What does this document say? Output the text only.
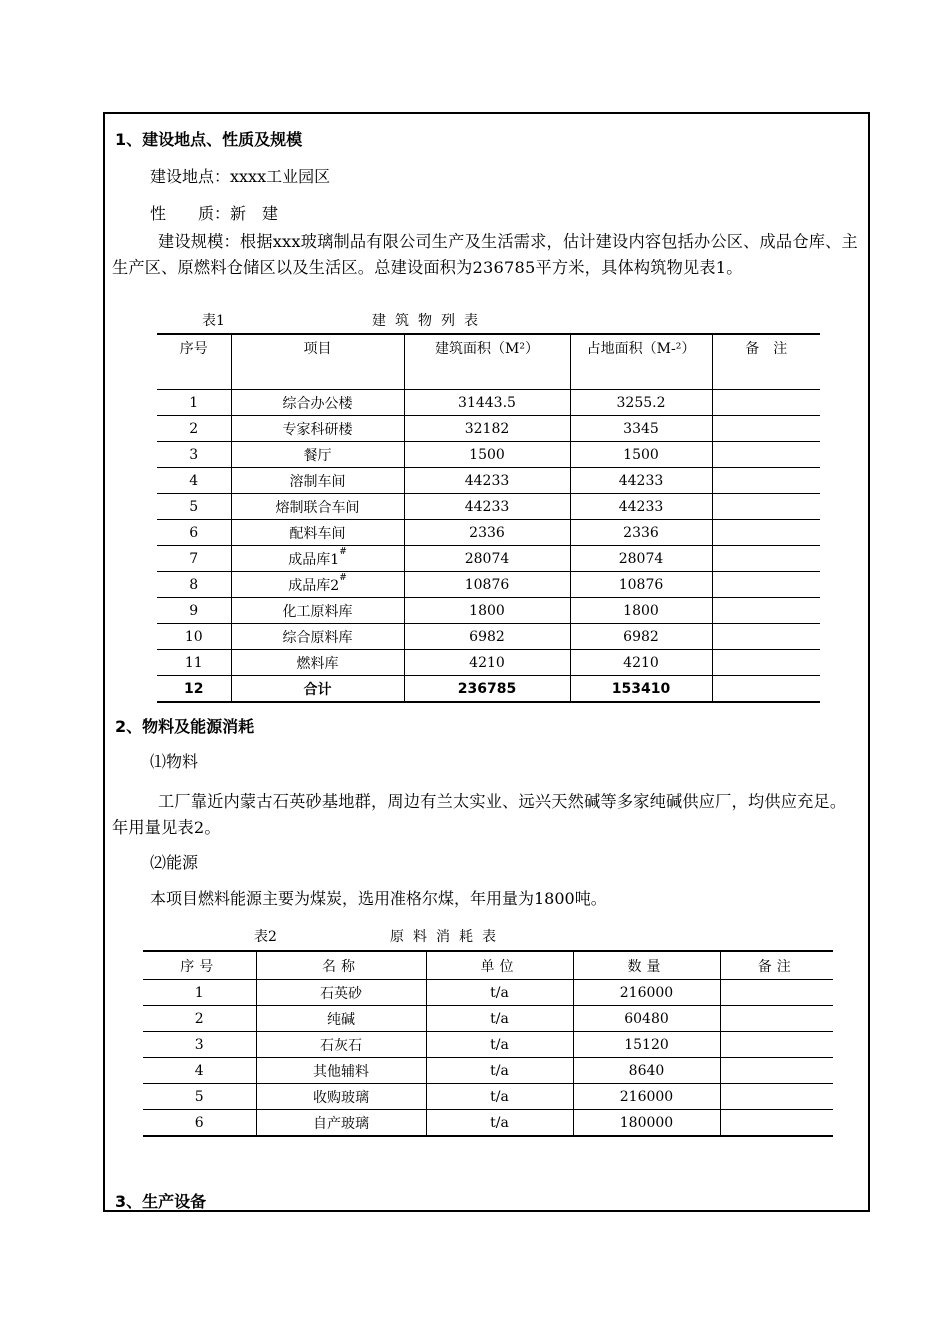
1、建设地点、性质及规模
建设地点：xxxx工业园区
性　　质：新　建
建设规模：根据xxx玻璃制品有限公司生产及生活需求，估计建设内容包括办公区、成品仓库、主生产区、原燃料仓储区以及生活区。总建设面积为236785平方米，具体构筑物见表1。
表1	建筑物列表
序号	项目	建筑面积（M²）	占地面积（M-²）	备　注
1	综合办公楼	31443.5	3255.2	
2	专家科研楼	32182	3345	
3	餐厅	1500	1500	
4	溶制车间	44233	44233	
5	熔制联合车间	44233	44233	
6	配料车间	2336	2336	
7	成品库1#	28074	28074	
8	成品库2#	10876	10876	
9	化工原料库	1800	1800	
10	综合原料库	6982	6982	
11	燃料库	4210	4210	
12	合计	236785	153410	
2、物料及能源消耗
⑴物料
工厂靠近内蒙古石英砂基地群，周边有兰太实业、远兴天然碱等多家纯碱供应厂，均供应充足。年用量见表2。
⑵能源
本项目燃料能源主要为煤炭，选用准格尔煤，年用量为1800吨。
表2	原料消耗表
序号	名称	单位	数量	备注
1	石英砂	t/a	216000	
2	纯碱	t/a	60480	
3	石灰石	t/a	15120	
4	其他辅料	t/a	8640	
5	收购玻璃	t/a	216000	
6	自产玻璃	t/a	180000	
3、生产设备
